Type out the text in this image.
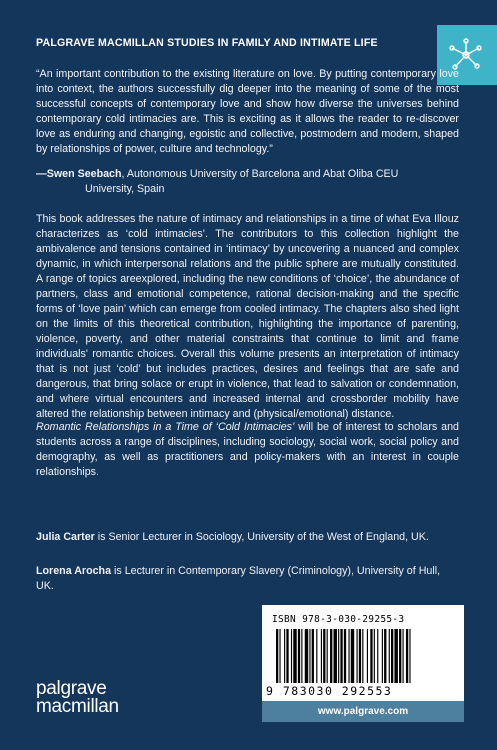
PALGRAVE MACMILLAN STUDIES IN FAMILY AND INTIMATE LIFE

“An important contribution to the existing literature on love. By putting contemporary love into context, the authors successfully dig deeper into the meaning of some of the most successful concepts of contemporary love and show how diverse the universes behind contemporary cold intimacies are. This is exciting as it allows the reader to re-discover love as enduring and changing, egoistic and collective, postmodern and modern, shaped by relationships of power, culture and technology.”

—Swen Seebach, Autonomous University of Barcelona and Abat Oliba CEU
University, Spain

This book addresses the nature of intimacy and relationships in a time of what Eva Illouz characterizes as ‘cold intimacies’. The contributors to this collection highlight the ambivalence and tensions contained in ‘intimacy’ by uncovering a nuanced and complex dynamic, in which interpersonal relations and the public sphere are mutually constituted. A range of topics areexplored, including the new conditions of ‘choice’, the abundance of partners, class and emotional competence, rational decision-making and the specific forms of ‘love pain’ which can emerge from cooled intimacy. The chapters also shed light on the limits of this theoretical contribution, highlighting the importance of parenting, violence, poverty, and other material constraints that continue to limit and frame individuals' romantic choices. Overall this volume presents an interpretation of intimacy that is not just ‘cold’ but includes practices, desires and feelings that are safe and dangerous, that bring solace or erupt in violence, that lead to salvation or condemnation, and where virtual encounters and increased internal and crossborder mobility have altered the relationship between intimacy and (physical/emotional) distance.

Romantic Relationships in a Time of ‘Cold Intimacies’ will be of interest to scholars and students across a range of disciplines, including sociology, social work, social policy and demography, as well as practitioners and policy-makers with an interest in couple relationships.

Julia Carter is Senior Lecturer in Sociology, University of the West of England, UK.

Lorena Arocha is Lecturer in Contemporary Slavery (Criminology), University of Hull, UK.

palgrave
macmillan
ISBN 978-3-030-29255-3
9 783030 292553
www.palgrave.com
